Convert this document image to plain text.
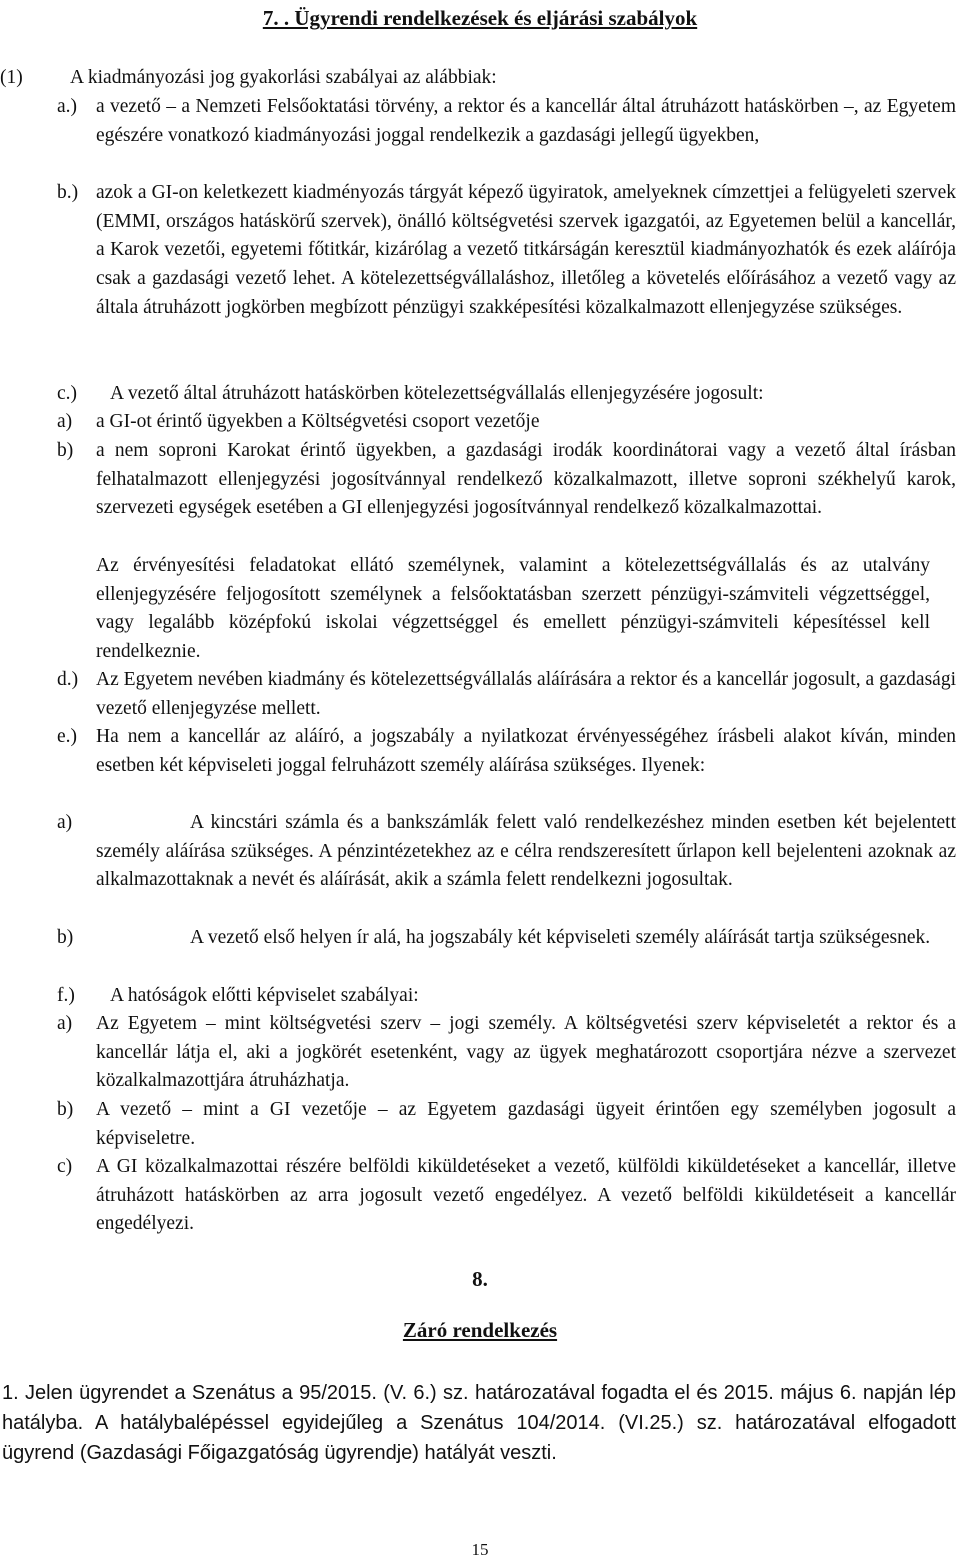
7. . Ügyrendi rendelkezések és eljárási szabályok
(1) A kiadmányozási jog gyakorlási szabályai az alábbiak:
a.) a vezető – a Nemzeti Felsőoktatási törvény, a rektor és a kancellár által átruházott hatáskörben –, az Egyetem egészére vonatkozó kiadmányozási joggal rendelkezik a gazdasági jellegű ügyekben,
b.) azok a GI-on keletkezett kiadményozás tárgyát képező ügyiratok, amelyeknek címzettjei a felügyeleti szervek (EMMI, országos hatáskörű szervek), önálló költségvetési szervek igazgatói, az Egyetemen belül a kancellár, a Karok vezetői, egyetemi főtitkár, kizárólag a vezető titkárságán keresztül kiadmányozhatók és ezek aláírója csak a gazdasági vezető lehet. A kötelezettségvállaláshoz, illetőleg a követelés előírásához a vezető vagy az általa átruházott jogkörben megbízott pénzügyi szakképesítési közalkalmazott ellenjegyzése szükséges.
c.) A vezető által átruházott hatáskörben kötelezettségvállalás ellenjegyzésére jogosult:
a) a GI-ot érintő ügyekben a Költségvetési csoport vezetője
b) a nem soproni Karokat érintő ügyekben, a gazdasági irodák koordinátorai vagy a vezető által írásban felhatalmazott ellenjegyzési jogosítvánnyal rendelkező közalkalmazott, illetve soproni székhelyű karok, szervezeti egységek esetében a GI ellenjegyzési jogosítvánnyal rendelkező közalkalmazottai.
Az érvényesítési feladatokat ellátó személynek, valamint a kötelezettségvállalás és az utalvány ellenjegyzésére feljogosított személynek a felsőoktatásban szerzett pénzügyi-számviteli végzettséggel, vagy legalább középfokú iskolai végzettséggel és emellett pénzügyi-számviteli képesítéssel kell rendelkeznie.
d.) Az Egyetem nevében kiadmány és kötelezettségvállalás aláírására a rektor és a kancellár jogosult, a gazdasági vezető ellenjegyzése mellett.
e.) Ha nem a kancellár az aláíró, a jogszabály a nyilatkozat érvényességéhez írásbeli alakot kíván, minden esetben két képviseleti joggal felruházott személy aláírása szükséges. Ilyenek:
a)	A kincstári számla és a bankszámlák felett való rendelkezéshez minden esetben két bejelentett személy aláírása szükséges. A pénzintézetekhez az e célra rendszeresített űrlapon kell bejelenteni azoknak az alkalmazottaknak a nevét és aláírását, akik a számla felett rendelkezni jogosultak.
b)	A vezető első helyen ír alá, ha jogszabály két képviseleti személy aláírását tartja szükségesnek.
f.) A hatóságok előtti képviselet szabályai:
a) Az Egyetem – mint költségvetési szerv – jogi személy. A költségvetési szerv képviseletét a rektor és a kancellár látja el, aki a jogkörét esetenként, vagy az ügyek meghatározott csoportjára nézve a szervezet közalkalmazottjára átruházhatja.
b) A vezető – mint a GI vezetője – az Egyetem gazdasági ügyeit érintően egy személyben jogosult a képviseletre.
c) A GI közalkalmazottai részére belföldi kiküldetéseket a vezető, külföldi kiküldetéseket a kancellár, illetve átruházott hatáskörben az arra jogosult vezető engedélyez. A vezető belföldi kiküldetéseit a kancellár engedélyezi.
8.
Záró rendelkezés
1. Jelen ügyrendet a Szenátus a 95/2015. (V. 6.) sz. határozatával fogadta el és 2015. május 6. napján lép hatályba. A hatálybalépéssel egyidejűleg a Szenátus 104/2014. (VI.25.) sz. határozatával elfogadott ügyrend (Gazdasági Főigazgatóság ügyrendje) hatályát veszti.
15
